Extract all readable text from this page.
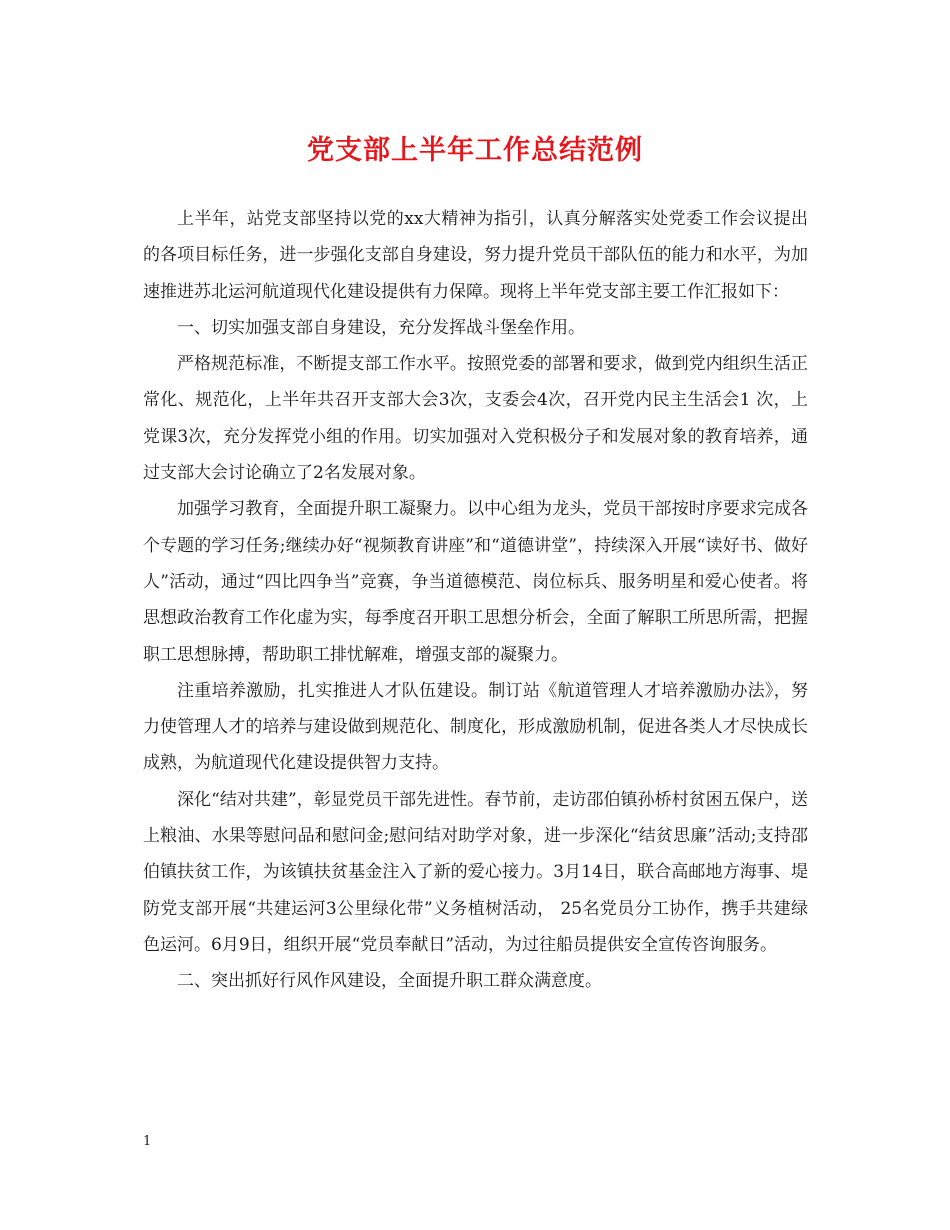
党支部上半年工作总结范例

上半年，站党支部坚持以党的xx大精神为指引，认真分解落实处党委工作会议提出的各项目标任务，进一步强化支部自身建设，努力提升党员干部队伍的能力和水平，为加速推进苏北运河航道现代化建设提供有力保障。现将上半年党支部主要工作汇报如下：

一、切实加强支部自身建设，充分发挥战斗堡垒作用。

严格规范标准，不断提支部工作水平。按照党委的部署和要求，做到党内组织生活正常化、规范化，上半年共召开支部大会3次，支委会4次，召开党内民主生活会1 次，上党课3次，充分发挥党小组的作用。切实加强对入党积极分子和发展对象的教育培养，通过支部大会讨论确立了2名发展对象。

加强学习教育，全面提升职工凝聚力。以中心组为龙头，党员干部按时序要求完成各个专题的学习任务;继续办好“视频教育讲座”和“道德讲堂”，持续深入开展“读好书、做好人”活动，通过“四比四争当”竞赛，争当道德模范、岗位标兵、服务明星和爱心使者。将思想政治教育工作化虚为实，每季度召开职工思想分析会，全面了解职工所思所需，把握职工思想脉搏，帮助职工排忧解难，增强支部的凝聚力。

注重培养激励，扎实推进人才队伍建设。制订站《航道管理人才培养激励办法》，努力使管理人才的培养与建设做到规范化、制度化，形成激励机制，促进各类人才尽快成长成熟，为航道现代化建设提供智力支持。

深化“结对共建”，彰显党员干部先进性。春节前，走访邵伯镇孙桥村贫困五保户，送上粮油、水果等慰问品和慰问金;慰问结对助学对象，进一步深化“结贫思廉”活动;支持邵伯镇扶贫工作，为该镇扶贫基金注入了新的爱心接力。3月14日，联合高邮地方海事、堤防党支部开展“共建运河3公里绿化带”义务植树活动， 25名党员分工协作，携手共建绿色运河。6月9日，组织开展“党员奉献日”活动，为过往船员提供安全宣传咨询服务。

二、突出抓好行风作风建设，全面提升职工群众满意度。

1
